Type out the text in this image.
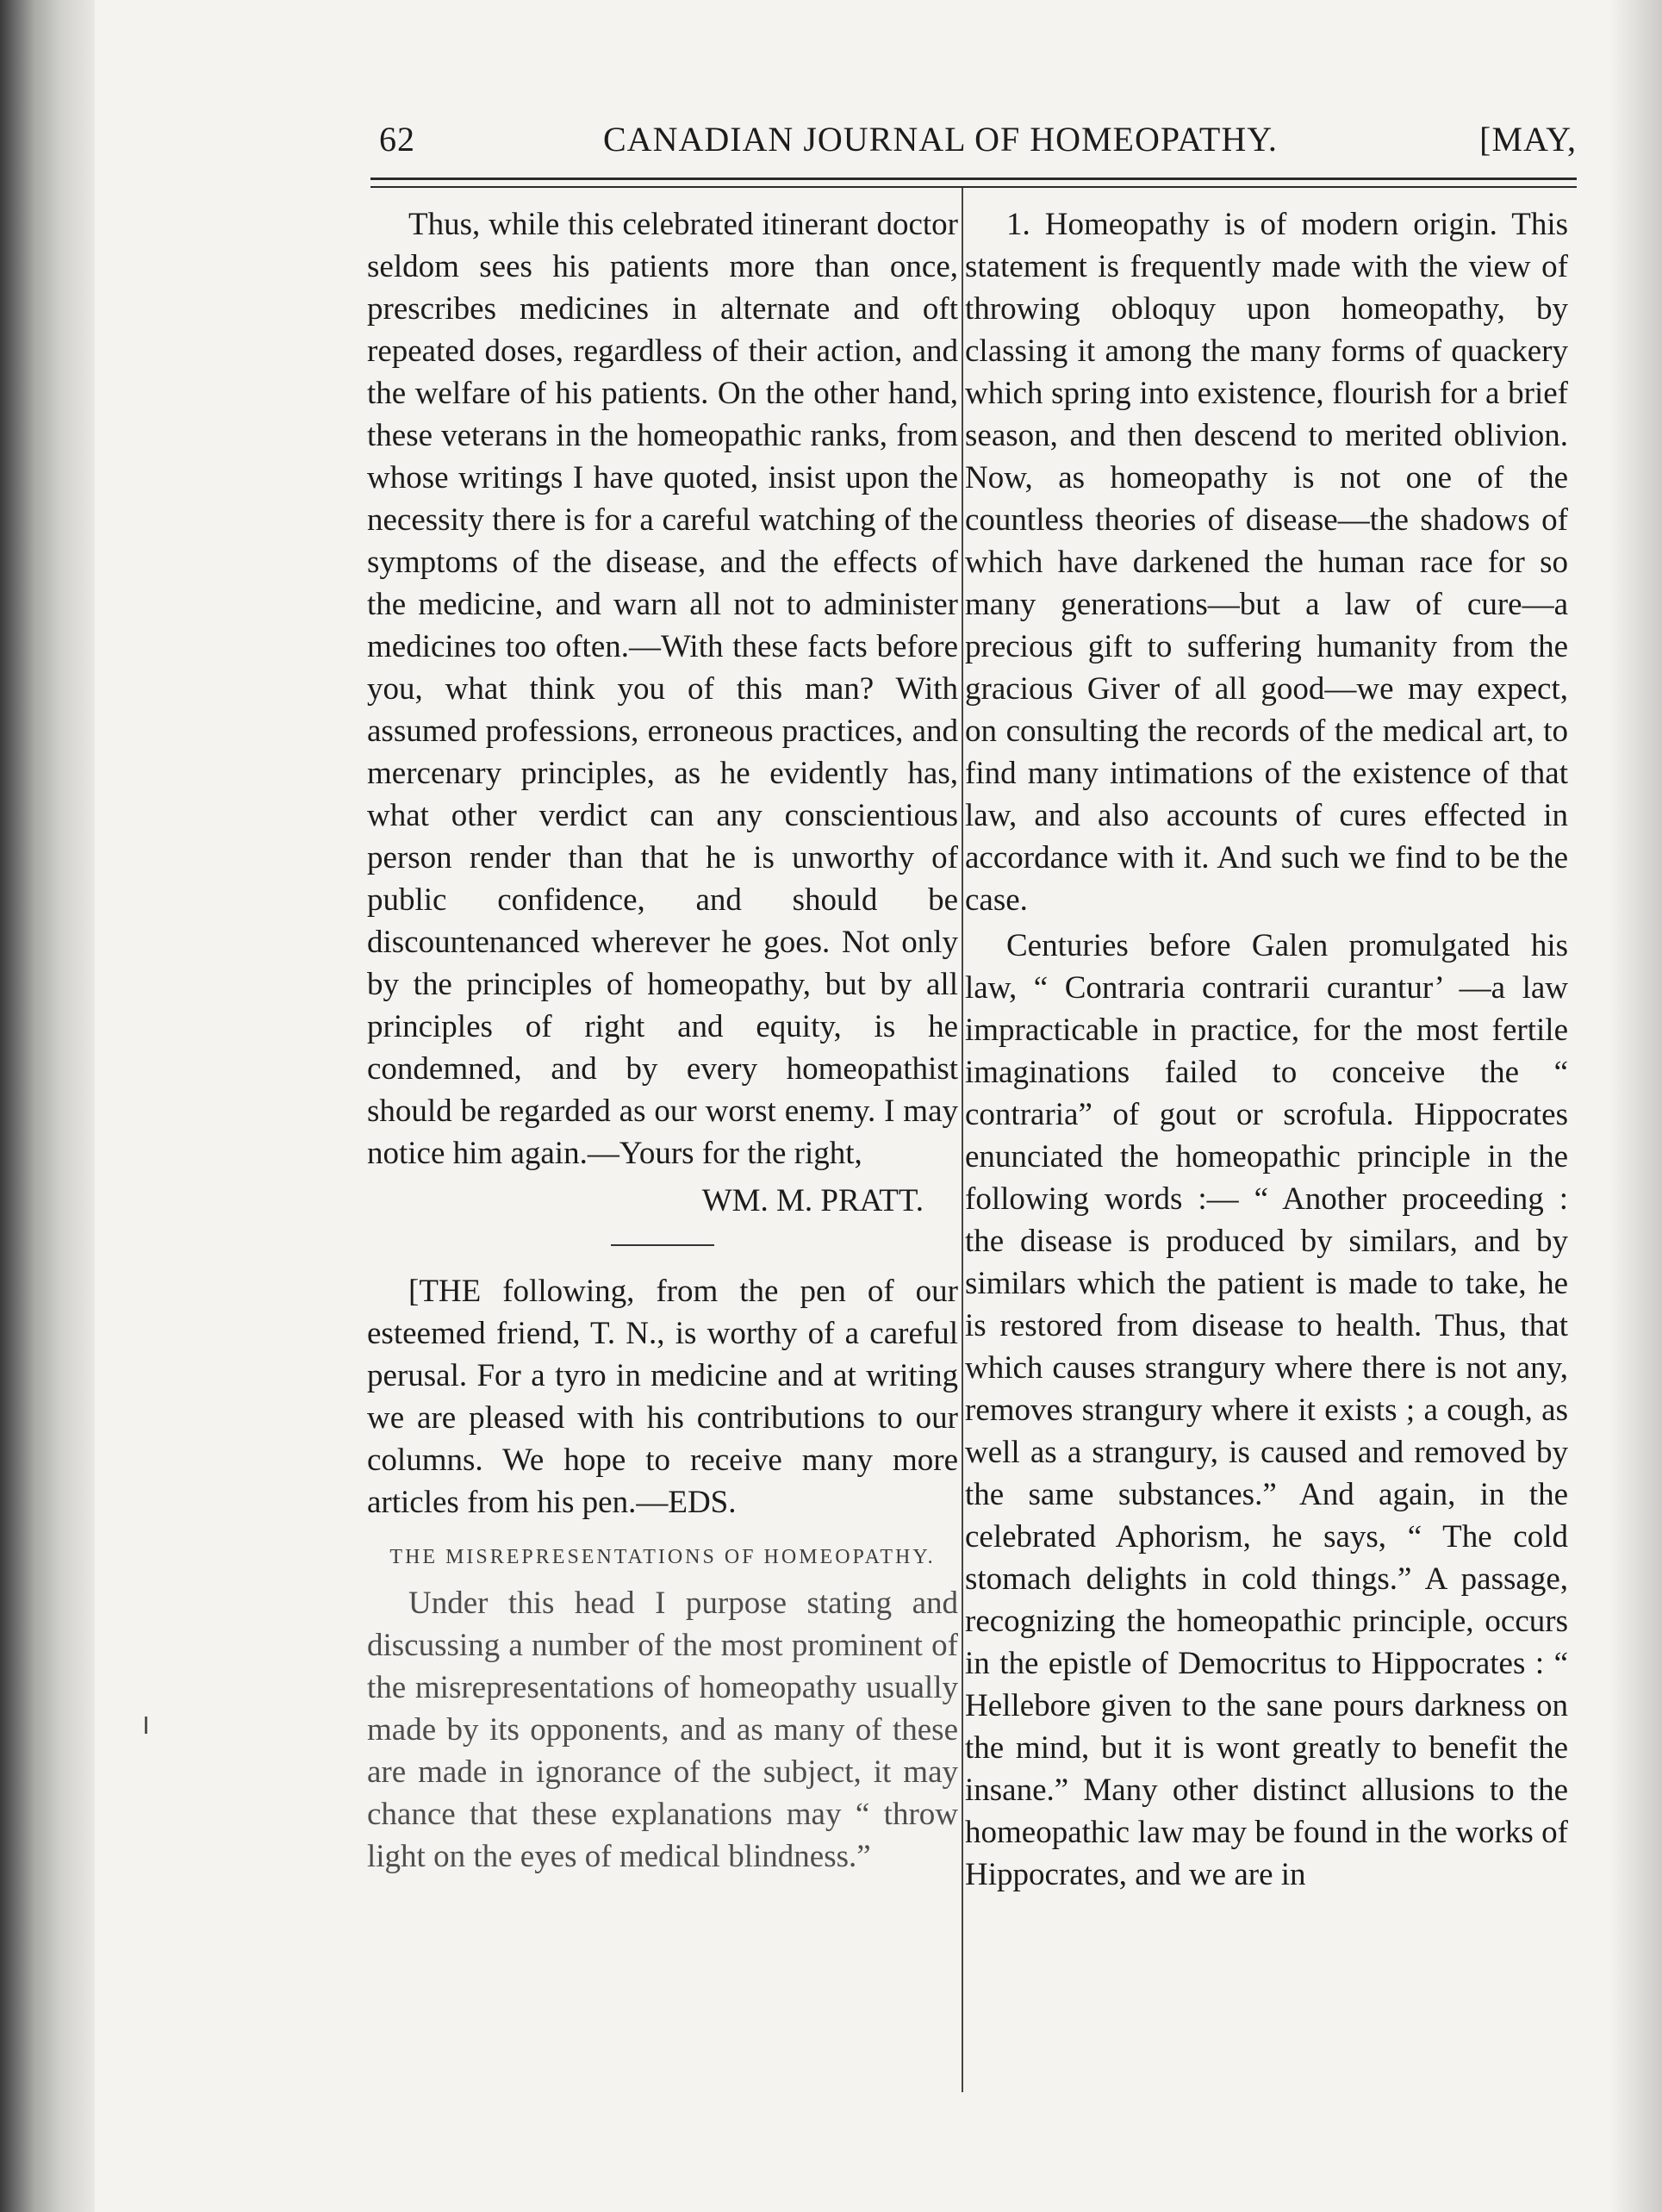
62	CANADIAN JOURNAL OF HOMEOPATHY.	[MAY,

Thus, while this celebrated itinerant doctor seldom sees his patients more than once, prescribes medicines in alternate and oft repeated doses, regardless of their action, and the welfare of his patients. On the other hand, these veterans in the homeopathic ranks, from whose writings I have quoted, insist upon the necessity there is for a careful watching of the symptoms of the disease, and the effects of the medicine, and warn all not to administer medicines too often.—With these facts before you, what think you of this man? With assumed professions, erroneous practices, and mercenary principles, as he evidently has, what other verdict can any conscientious person render than that he is unworthy of public confidence, and should be discountenanced wherever he goes. Not only by the principles of homeopathy, but by all principles of right and equity, is he condemned, and by every homeopathist should be regarded as our worst enemy. I may notice him again.—Yours for the right,

WM. M. PRATT.

[THE following, from the pen of our esteemed friend, T. N., is worthy of a careful perusal. For a tyro in medicine and at writing we are pleased with his contributions to our columns. We hope to receive many more articles from his pen.—EDS.

THE MISREPRESENTATIONS OF HOMEOPATHY.

Under this head I purpose stating and discussing a number of the most prominent of the misrepresentations of homeopathy usually made by its opponents, and as many of these are made in ignorance of the subject, it may chance that these explanations may “ throw light on the eyes of medical blindness.”

1. Homeopathy is of modern origin. This statement is frequently made with the view of throwing obloquy upon homeopathy, by classing it among the many forms of quackery which spring into existence, flourish for a brief season, and then descend to merited oblivion. Now, as homeopathy is not one of the countless theories of disease—the shadows of which have darkened the human race for so many generations—but a law of cure—a precious gift to suffering humanity from the gracious Giver of all good—we may expect, on consulting the records of the medical art, to find many intimations of the existence of that law, and also accounts of cures effected in accordance with it. And such we find to be the case.

Centuries before Galen promulgated his law, “ Contraria contrarii curantur’ —a law impracticable in practice, for the most fertile imaginations failed to conceive the “ contraria” of gout or scrofula. Hippocrates enunciated the homeopathic principle in the following words :— “ Another proceeding : the disease is produced by similars, and by similars which the patient is made to take, he is restored from disease to health. Thus, that which causes strangury where there is not any, removes strangury where it exists ; a cough, as well as a strangury, is caused and removed by the same substances.” And again, in the celebrated Aphorism, he says, “ The cold stomach delights in cold things.” A passage, recognizing the homeopathic principle, occurs in the epistle of Democritus to Hippocrates : “ Hellebore given to the sane pours darkness on the mind, but it is wont greatly to benefit the insane.” Many other distinct allusions to the homeopathic law may be found in the works of Hippocrates, and we are in
